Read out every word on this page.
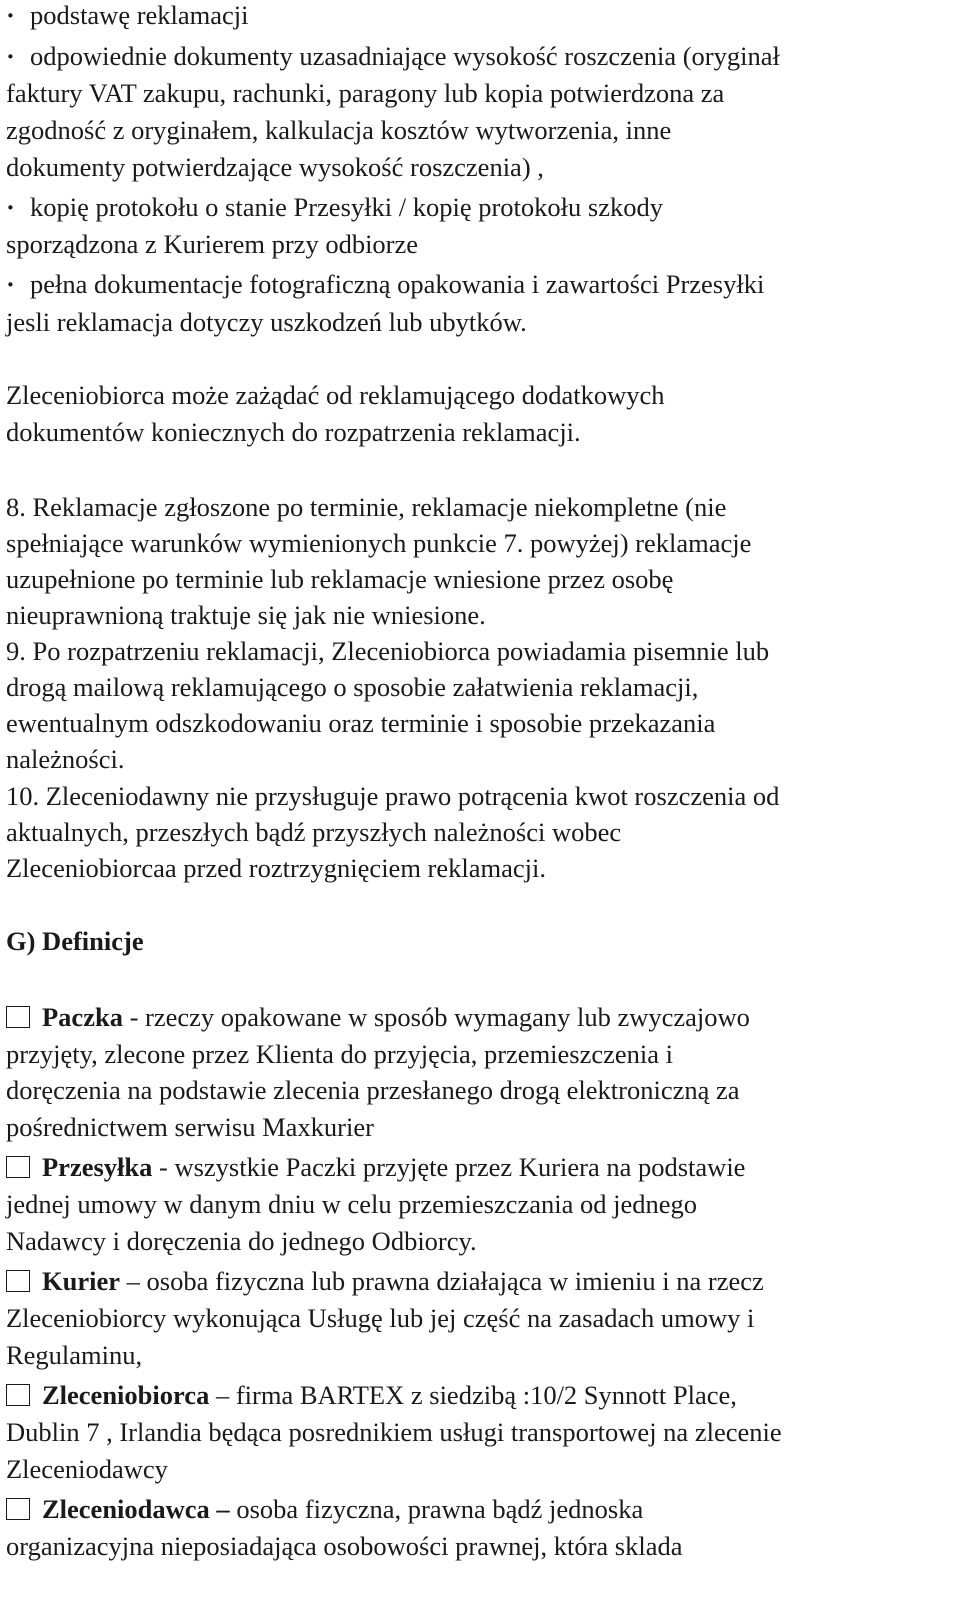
· podstawę reklamacji
· odpowiednie dokumenty uzasadniające wysokość roszczenia (oryginał
faktury VAT zakupu, rachunki, paragony lub kopia potwierdzona za
zgodność z oryginałem, kalkulacja kosztów wytworzenia, inne
dokumenty potwierdzające wysokość roszczenia) ,
· kopię protokołu o stanie Przesyłki / kopię protokołu szkody
sporządzona z Kurierem przy odbiorze
· pełna dokumentacje fotograficzną opakowania i zawartości Przesyłki
jesli reklamacja dotyczy uszkodzeń lub ubytków.
Zleceniobiorca może zażądać od reklamującego dodatkowych
dokumentów koniecznych do rozpatrzenia reklamacji.
8. Reklamacje zgłoszone po terminie, reklamacje niekompletne (nie
spełniające warunków wymienionych punkcie 7. powyżej) reklamacje
uzupełnione po terminie lub reklamacje wniesione przez osobę
nieuprawnioną traktuje się jak nie wniesione.
9. Po rozpatrzeniu reklamacji, Zleceniobiorca powiadamia pisemnie lub
drogą mailową reklamującego o sposobie załatwienia reklamacji,
ewentualnym odszkodowaniu oraz terminie i sposobie przekazania
należności.
10. Zleceniodawny nie przysługuje prawo potrącenia kwot roszczenia od
aktualnych, przeszłych bądź przyszłych należności wobec
Zleceniobiorcaa przed roztrzygnięciem reklamacji.
G) Definicje
Paczka - rzeczy opakowane w sposób wymagany lub zwyczajowo
przyjęty, zlecone przez Klienta do przyjęcia, przemieszczenia i
doręczenia na podstawie zlecenia przesłanego drogą elektroniczną za
pośrednictwem serwisu Maxkurier
Przesyłka - wszystkie Paczki przyjęte przez Kuriera na podstawie
jednej umowy w danym dniu w celu przemieszczania od jednego
Nadawcy i doręczenia do jednego Odbiorcy.
Kurier – osoba fizyczna lub prawna działająca w imieniu i na rzecz
Zleceniobiorcy wykonująca Usługę lub jej część na zasadach umowy i
Regulaminu,
Zleceniobiorca – firma BARTEX z siedzibą :10/2 Synnott Place,
Dublin 7 , Irlandia będąca posrednikiem usługi transportowej na zlecenie
Zleceniodawcy
Zleceniodawca – osoba fizyczna, prawna bądź jednoska
organizacyjna nieposiadająca osobowości prawnej, która sklada
